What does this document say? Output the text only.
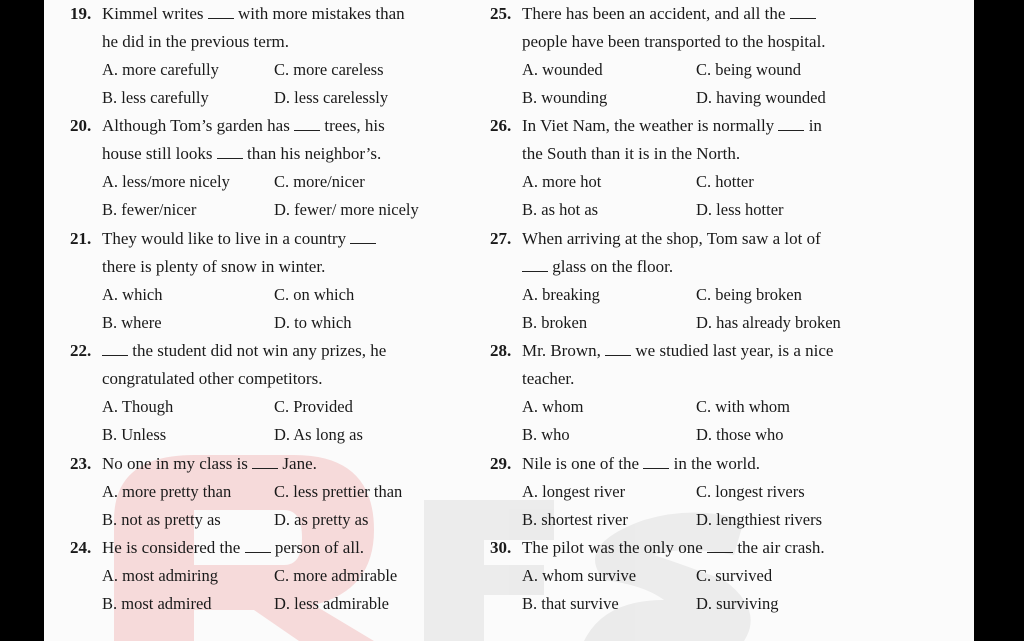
19. Kimmel writes  with more mistakes than
he did in the previous term.
A. more carefully	C. more careless
B. less carefully	D. less carelessly
20. Although Tom’s garden has  trees, his
house still looks  than his neighbor’s.
A. less/more nicely	C. more/nicer
B. fewer/nicer	D. fewer/ more nicely
21. They would like to live in a country
there is plenty of snow in winter.
A. which	C. on which
B. where	D. to which
22.	the student did not win any prizes, he
congratulated other competitors.
A. Though	C. Provided
B. Unless	D. As long as
23. No one in my class is  Jane.
A. more pretty than	C. less prettier than
B. not as pretty as	D. as pretty as
24. He is considered the  person of all.
A. most admiring	C. more admirable
B. most admired	D. less admirable
25. There has been an accident, and all the
people have been transported to the hospital.
A. wounded	C. being wound
B. wounding	D. having wounded
26. In Viet Nam, the weather is normally  in
the South than it is in the North.
A. more hot	C. hotter
B. as hot as	D. less hotter
27. When arriving at the shop, Tom saw a lot of
glass on the floor.
A. breaking	C. being broken
B. broken	D. has already broken
28. Mr. Brown,  we studied last year, is a nice
teacher.
A. whom	C. with whom
B. who	D. those who
29. Nile is one of the  in the world.
A. longest river	C. longest rivers
B. shortest river	D. lengthiest rivers
30. The pilot was the only one  the air crash.
A. whom survive	C. survived
B. that survive	D. surviving
